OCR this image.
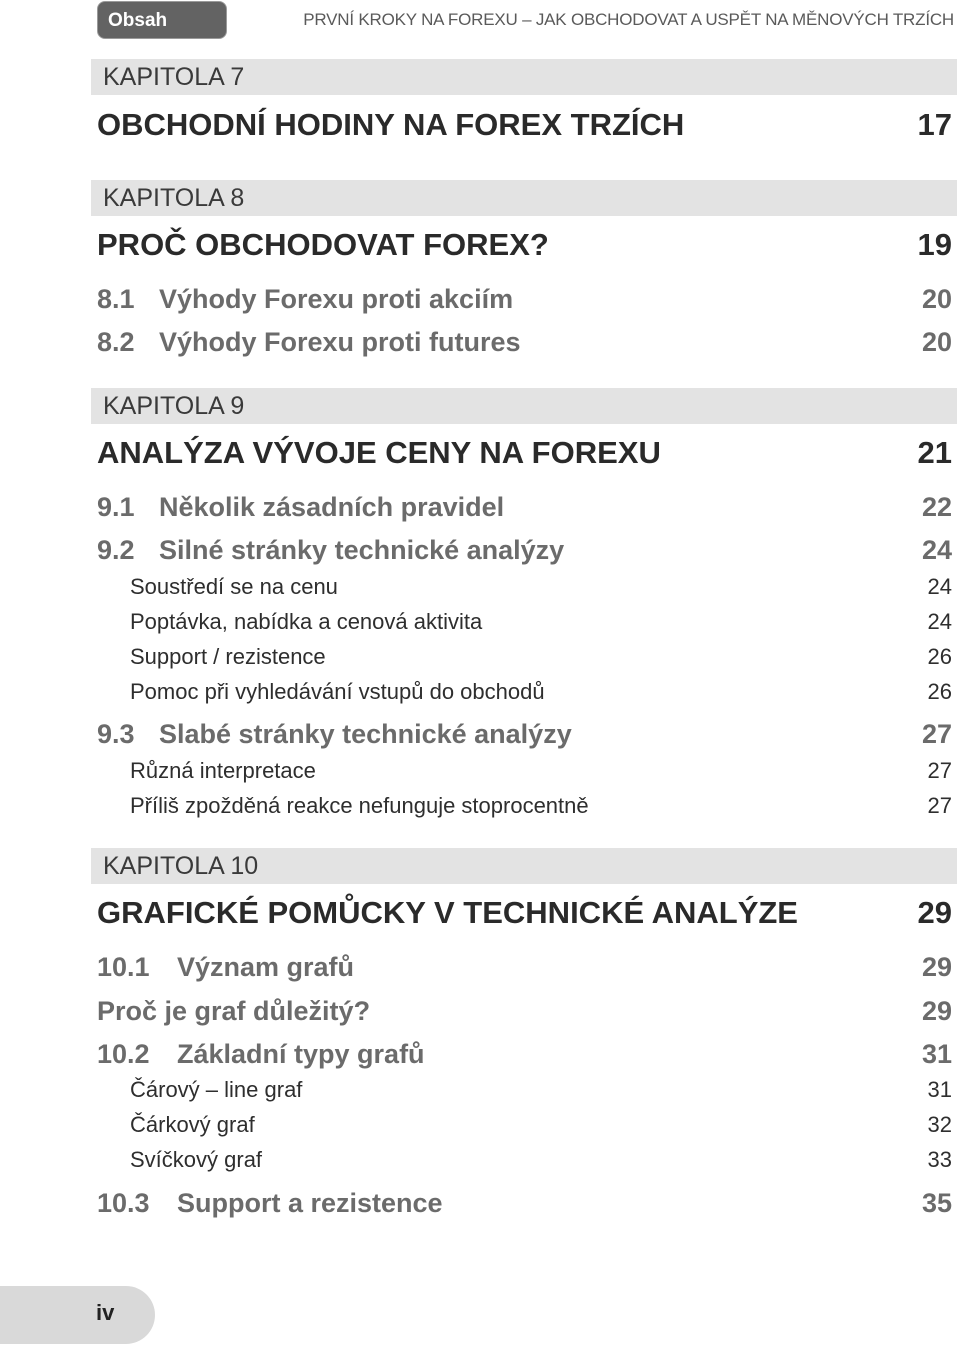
Obsah	PRVNÍ KROKY NA FOREXU – JAK OBCHODOVAT A USPĚT NA MĚNOVÝCH TRZÍCH
KAPITOLA 7
OBCHODNÍ HODINY NA FOREX TRZÍCH	17
KAPITOLA 8
PROČ OBCHODOVAT FOREX?	19
8.1 Výhody Forexu proti akciím	20
8.2 Výhody Forexu proti futures	20
KAPITOLA 9
ANALÝZA VÝVOJE CENY NA FOREXU	21
9.1 Několik zásadních pravidel	22
9.2 Silné stránky technické analýzy	24
Soustředí se na cenu	24
Poptávka, nabídka a cenová aktivita	24
Support / rezistence	26
Pomoc při vyhledávání vstupů do obchodů	26
9.3 Slabé stránky technické analýzy	27
Různá interpretace	27
Příliš zpožděná reakce nefunguje stoprocentně	27
KAPITOLA 10
GRAFICKÉ POMŮCKY V TECHNICKÉ ANALÝZE	29
10.1 Význam grafů	29
Proč je graf důležitý?	29
10.2 Základní typy grafů	31
Čárový – line graf	31
Čárkový graf	32
Svíčkový graf	33
10.3 Support a rezistence	35
iv
